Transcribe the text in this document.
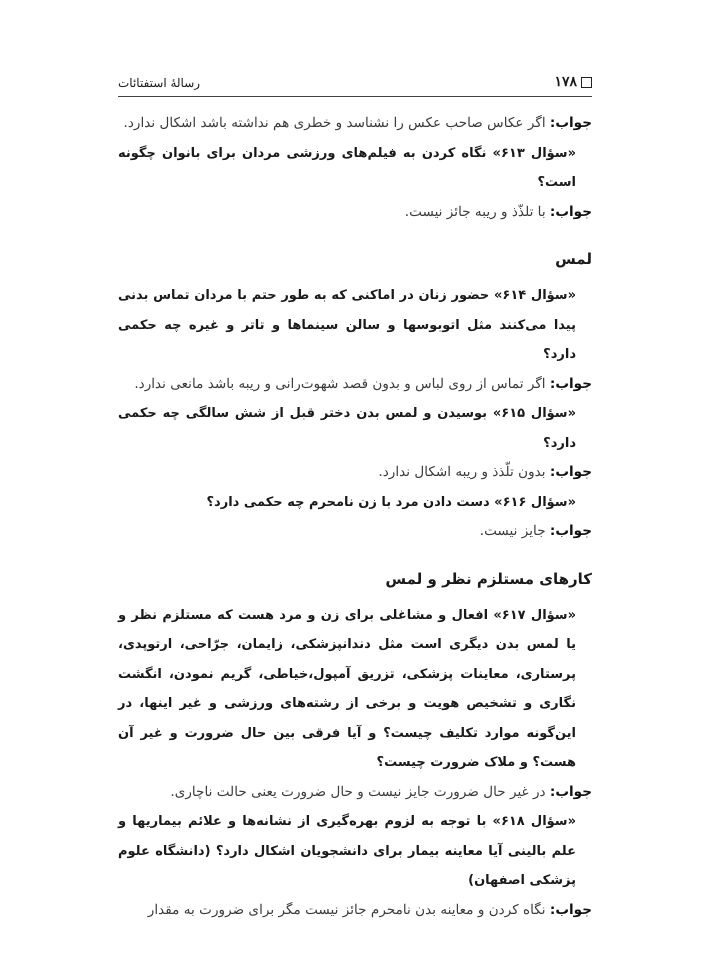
۱۷۸
رسالهٔ استفتائات

جواب: اگر عکاس صاحب عکس را نشناسد و خطری هم نداشته باشد اشکال ندارد.

«سؤال ۶۱۳» نگاه کردن به فیلم‌های ورزشی مردان برای بانوان چگونه است؟

جواب: با تلذّذ و ریبه جائز نیست.

لمس

«سؤال ۶۱۴» حضور زنان در اماکنی که به طور حتم با مردان تماس بدنی پیدا می‌کنند مثل اتوبوسها و سالن سینماها و تاتر و غیره چه حکمی دارد؟

جواب: اگر تماس از روی لباس و بدون قصد شهوت‌رانی و ریبه باشد مانعی ندارد.

«سؤال ۶۱۵» بوسیدن و لمس بدن دختر قبل از شش سالگی چه حکمی دارد؟

جواب: بدون تلّذذ و ریبه اشکال ندارد.

«سؤال ۶۱۶» دست دادن مرد با زن نامحرم چه حکمی دارد؟

جواب: جایز نیست.

کارهای مستلزم نظر و لمس

«سؤال ۶۱۷» افعال و مشاغلی برای زن و مرد هست که مستلزم نظر و یا لمس بدن دیگری است مثل دندانپزشکی، زایمان، جرّاحی، ارتوپدی، پرستاری، معاینات پزشکی، تزریق آمپول،خیاطی، گریم نمودن، انگشت نگاری و تشخیص هویت و برخی از رشته‌های ورزشی و غیر اینها، در این‌گونه موارد تکلیف چیست؟ و آیا فرقی بین حال ضرورت و غیر آن هست؟ و ملاک ضرورت چیست؟

جواب: در غیر حال ضرورت جایز نیست و حال ضرورت یعنی حالت ناچاری.

«سؤال ۶۱۸» با توجه به لزوم بهره‌گیری از نشانه‌ها و علائم بیماریها و علم بالینی آیا معاینه بیمار برای دانشجویان اشکال دارد؟ (دانشگاه علوم پزشکی اصفهان)

جواب: نگاه کردن و معاینه بدن نامحرم جائز نیست مگر برای ضرورت به مقدار
